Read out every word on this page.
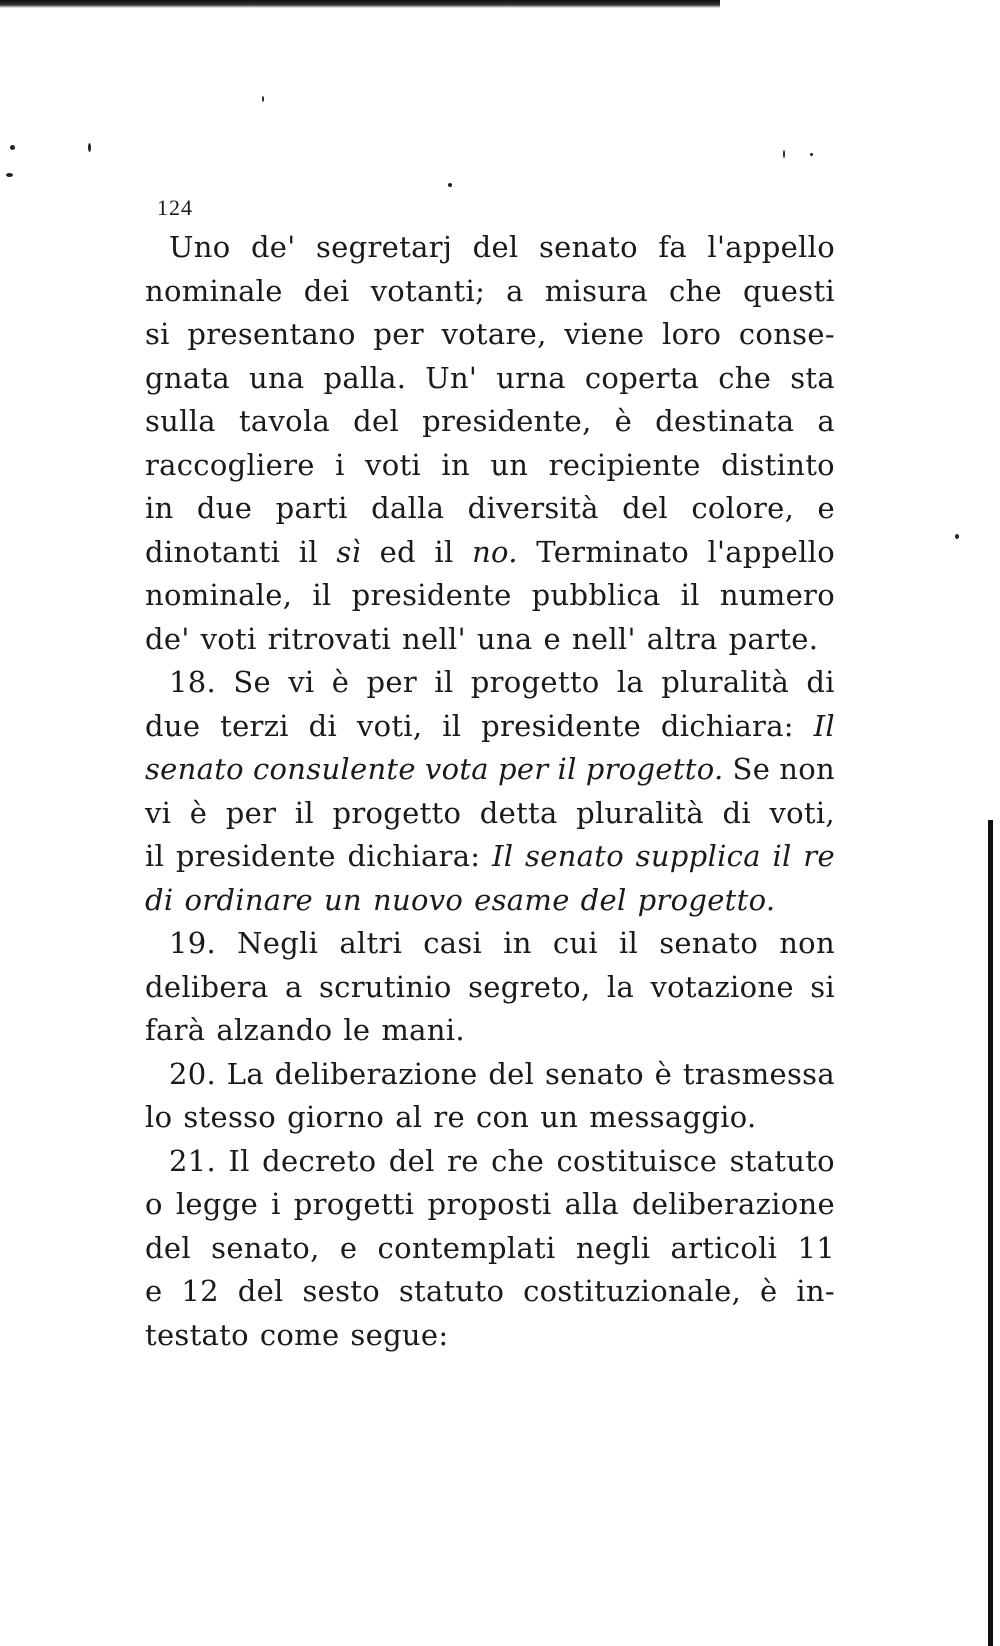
124
Uno de' segretarj del senato fa l'appello
nominale dei votanti; a misura che questi
si presentano per votare, viene loro conse-
gnata una palla. Un' urna coperta che sta
sulla tavola del presidente, è destinata a
raccogliere i voti in un recipiente distinto
in due parti dalla diversità del colore, e
dinotanti il sì ed il no. Terminato l'appello
nominale, il presidente pubblica il numero
de' voti ritrovati nell' una e nell' altra parte.
18. Se vi è per il progetto la pluralità di
due terzi di voti, il presidente dichiara: Il
senato consulente vota per il progetto. Se non
vi è per il progetto detta pluralità di voti,
il presidente dichiara: Il senato supplica il re
di ordinare un nuovo esame del progetto.
19. Negli altri casi in cui il senato non
delibera a scrutinio segreto, la votazione si
farà alzando le mani.
20. La deliberazione del senato è trasmessa
lo stesso giorno al re con un messaggio.
21. Il decreto del re che costituisce statuto
o legge i progetti proposti alla deliberazione
del senato, e contemplati negli articoli 11
e 12 del sesto statuto costituzionale, è in-
testato come segue:
